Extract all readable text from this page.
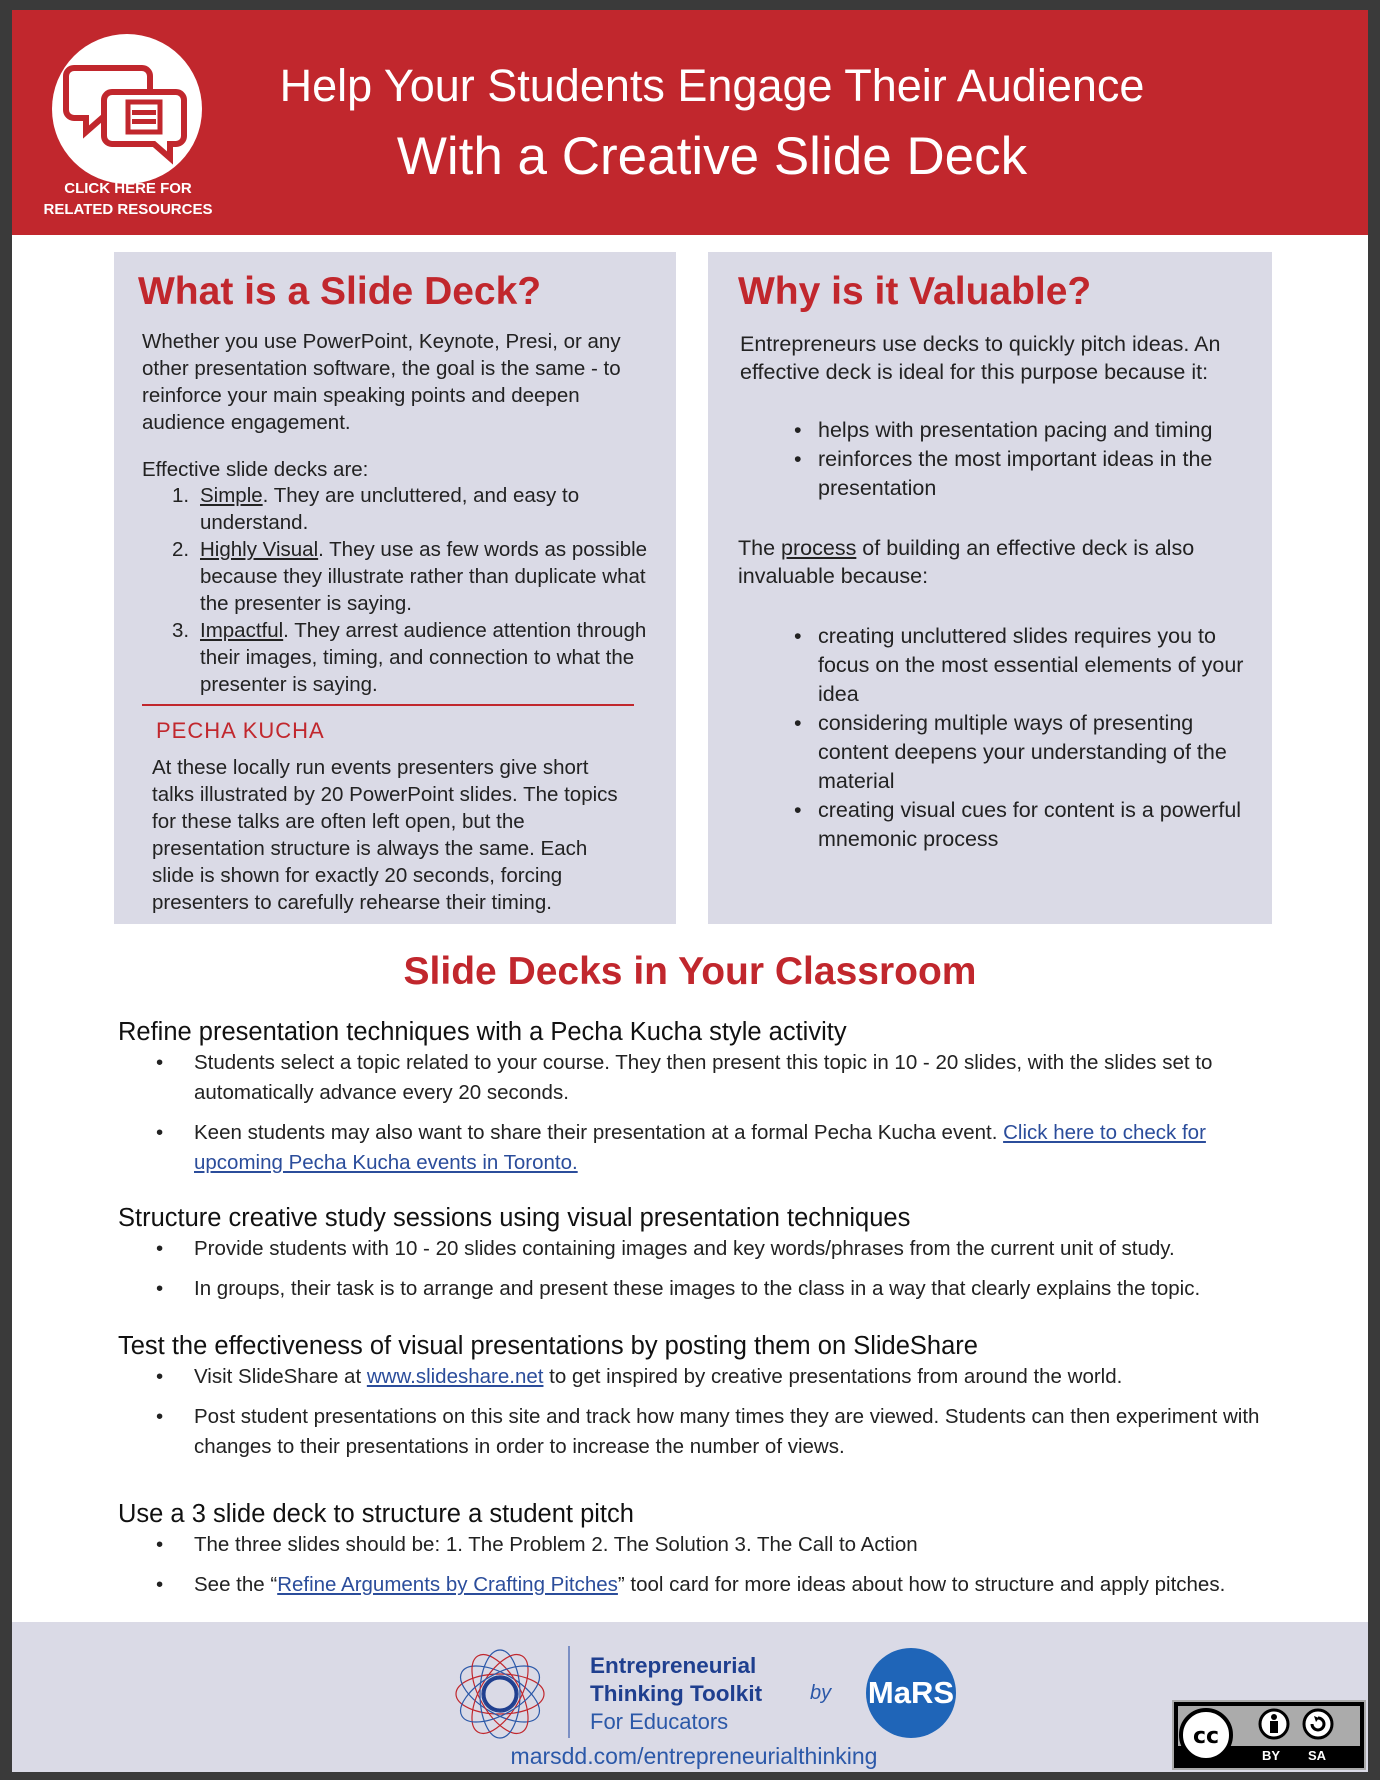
CLICK HERE FOR
RELATED RESOURCES
Help Your Students Engage Their Audience
With a Creative Slide Deck
What is a Slide Deck?
Whether you use PowerPoint, Keynote, Presi, or any other presentation software, the goal is the same - to reinforce your main speaking points and deepen audience engagement.
Effective slide decks are:
1. Simple. They are uncluttered, and easy to understand.
2. Highly Visual. They use as few words as possible because they illustrate rather than duplicate what the presenter is saying.
3. Impactful. They arrest audience attention through their images, timing, and connection to what the presenter is saying.
PECHA KUCHA
At these locally run events presenters give short talks illustrated by 20 PowerPoint slides. The topics for these talks are often left open, but the presentation structure is always the same. Each slide is shown for exactly 20 seconds, forcing presenters to carefully rehearse their timing.
Why is it Valuable?
Entrepreneurs use decks to quickly pitch ideas. An effective deck is ideal for this purpose because it:
• helps with presentation pacing and timing
• reinforces the most important ideas in the presentation
The process of building an effective deck is also invaluable because:
• creating uncluttered slides requires you to focus on the most essential elements of your idea
• considering multiple ways of presenting content deepens your understanding of the material
• creating visual cues for content is a powerful mnemonic process
Slide Decks in Your Classroom
Refine presentation techniques with a Pecha Kucha style activity
• Students select a topic related to your course. They then present this topic in 10 - 20 slides, with the slides set to automatically advance every 20 seconds.
• Keen students may also want to share their presentation at a formal Pecha Kucha event. Click here to check for upcoming Pecha Kucha events in Toronto.
Structure creative study sessions using visual presentation techniques
• Provide students with 10 - 20 slides containing images and key words/phrases from the current unit of study.
• In groups, their task is to arrange and present these images to the class in a way that clearly explains the topic.
Test the effectiveness of visual presentations by posting them on SlideShare
• Visit SlideShare at www.slideshare.net to get inspired by creative presentations from around the world.
• Post student presentations on this site and track how many times they are viewed. Students can then experiment with changes to their presentations in order to increase the number of views.
Use a 3 slide deck to structure a student pitch
• The three slides should be: 1. The Problem 2. The Solution 3. The Call to Action
• See the “Refine Arguments by Crafting Pitches” tool card for more ideas about how to structure and apply pitches.
Entrepreneurial
Thinking Toolkit
For Educators
by MaRS
marsdd.com/entrepreneurialthinking
cc
BY SA
